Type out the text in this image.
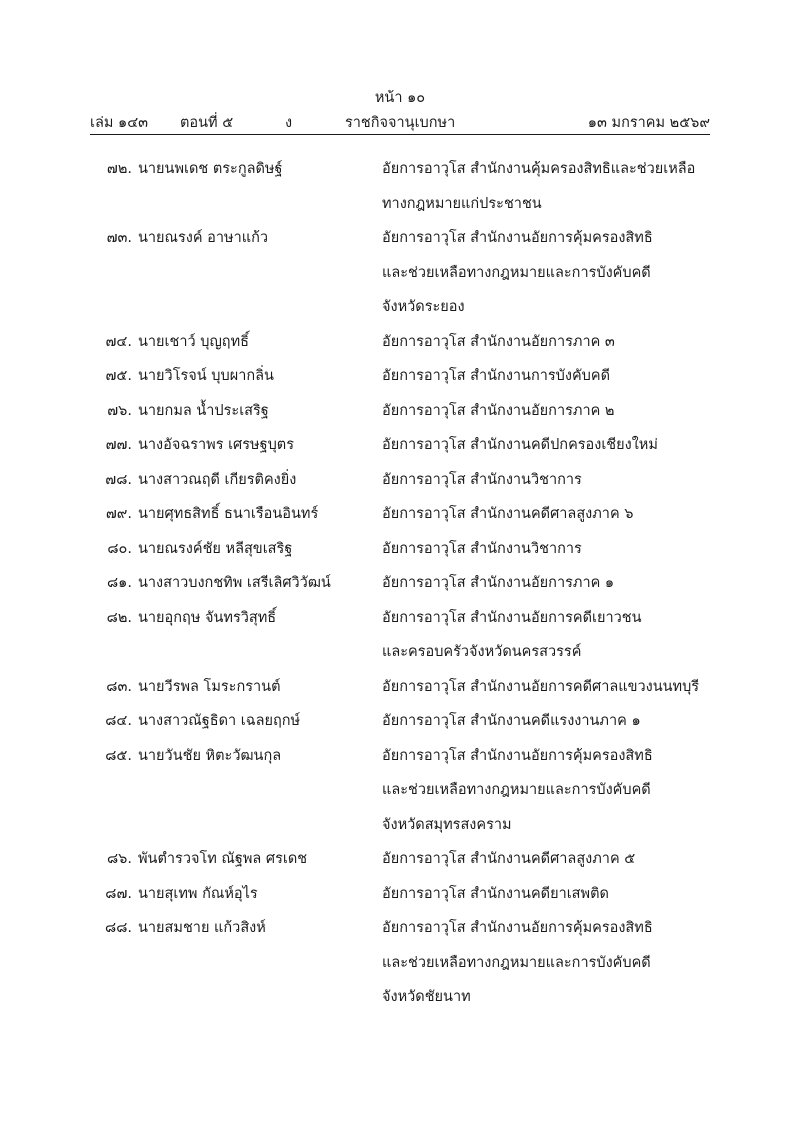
หน้า ๑๐
เล่ม ๑๔๓ ตอนที่ ๕	ง	ราชกิจจานุเบกษา	๑๓ มกราคม ๒๕๖๙
๗๒. นายนพเดช ตระกูลดิษฐ์	อัยการอาวุโส สำนักงานคุ้มครองสิทธิและช่วยเหลือ
ทางกฎหมายแก่ประชาชน
๗๓. นายณรงค์ อาษาแก้ว	อัยการอาวุโส สำนักงานอัยการคุ้มครองสิทธิ
และช่วยเหลือทางกฎหมายและการบังคับคดี
จังหวัดระยอง
๗๔. นายเชาว์ บุญฤทธิ์	อัยการอาวุโส สำนักงานอัยการภาค ๓
๗๕. นายวิโรจน์ บุบผากลิ่น	อัยการอาวุโส สำนักงานการบังคับคดี
๗๖. นายกมล น้ำประเสริฐ	อัยการอาวุโส สำนักงานอัยการภาค ๒
๗๗. นางอัจฉราพร เศรษฐบุตร	อัยการอาวุโส สำนักงานคดีปกครองเชียงใหม่
๗๘. นางสาวณฤดี เกียรติคงยิ่ง	อัยการอาวุโส สำนักงานวิชาการ
๗๙. นายศุทธสิทธิ์ ธนาเรือนอินทร์	อัยการอาวุโส สำนักงานคดีศาลสูงภาค ๖
๘๐. นายณรงค์ชัย หลีสุขเสริฐ	อัยการอาวุโส สำนักงานวิชาการ
๘๑. นางสาวบงกชทิพ เสรีเลิศวิวัฒน์	อัยการอาวุโส สำนักงานอัยการภาค ๑
๘๒. นายอุกฤษ จันทรวิสุทธิ์	อัยการอาวุโส สำนักงานอัยการคดีเยาวชน
และครอบครัวจังหวัดนครสวรรค์
๘๓. นายวีรพล โมระกรานต์	อัยการอาวุโส สำนักงานอัยการคดีศาลแขวงนนทบุรี
๘๔. นางสาวณัฐธิดา เฉลยฤกษ์	อัยการอาวุโส สำนักงานคดีแรงงานภาค ๑
๘๕. นายวันชัย หิตะวัฒนกุล	อัยการอาวุโส สำนักงานอัยการคุ้มครองสิทธิ
และช่วยเหลือทางกฎหมายและการบังคับคดี
จังหวัดสมุทรสงคราม
๘๖. พันตำรวจโท ณัฐพล ศรเดช	อัยการอาวุโส สำนักงานคดีศาลสูงภาค ๕
๘๗. นายสุเทพ กัณห์อุไร	อัยการอาวุโส สำนักงานคดียาเสพติด
๘๘. นายสมชาย แก้วสิงห์	อัยการอาวุโส สำนักงานอัยการคุ้มครองสิทธิ
และช่วยเหลือทางกฎหมายและการบังคับคดี
จังหวัดชัยนาท
